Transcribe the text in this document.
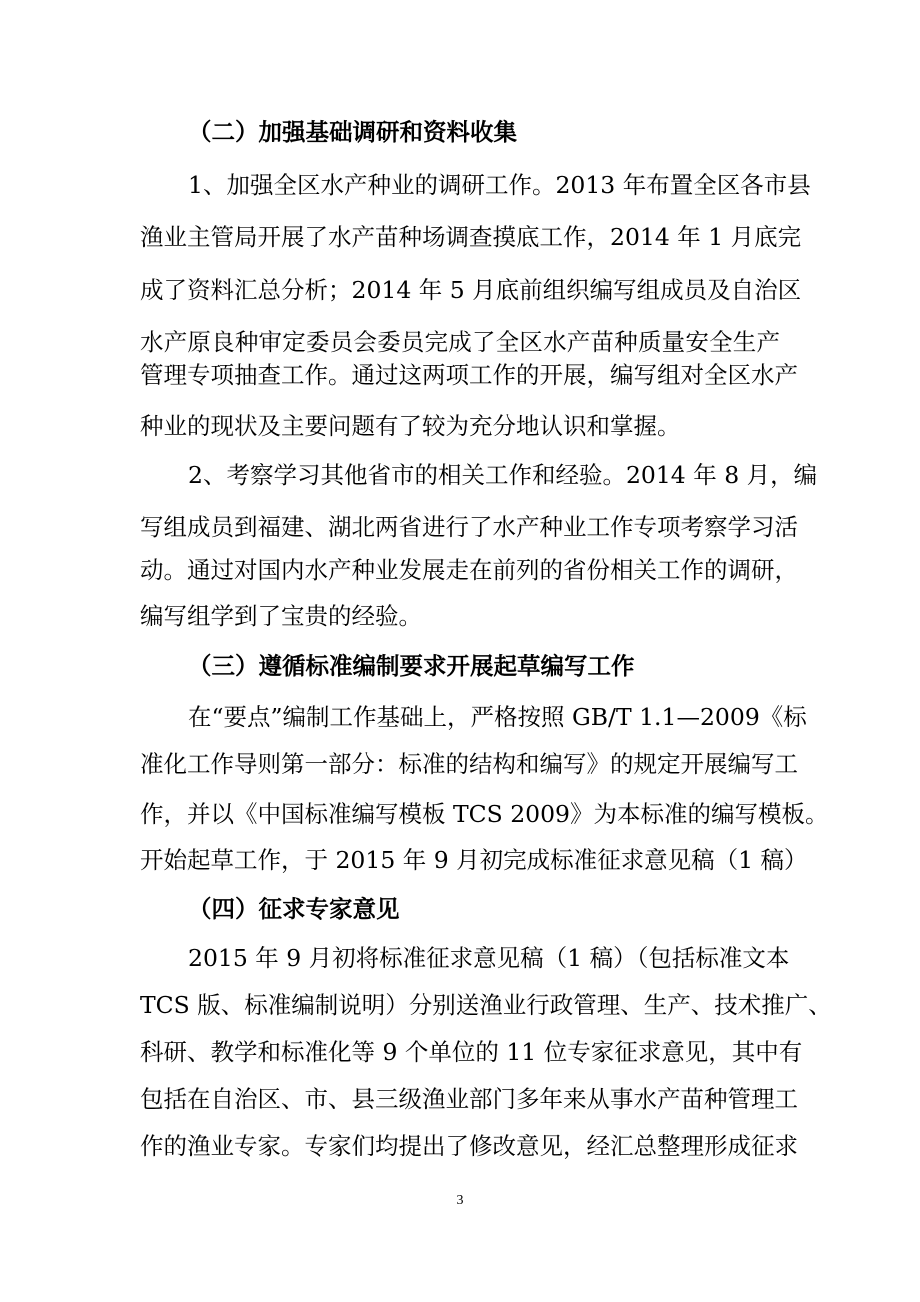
（二）加强基础调研和资料收集
1、加强全区水产种业的调研工作。2013 年布置全区各市县
渔业主管局开展了水产苗种场调查摸底工作，2014 年 1 月底完
成了资料汇总分析；2014 年 5 月底前组织编写组成员及自治区
水产原良种审定委员会委员完成了全区水产苗种质量安全生产
管理专项抽查工作。通过这两项工作的开展，编写组对全区水产
种业的现状及主要问题有了较为充分地认识和掌握。
2、考察学习其他省市的相关工作和经验。2014 年 8 月，编
写组成员到福建、湖北两省进行了水产种业工作专项考察学习活
动。通过对国内水产种业发展走在前列的省份相关工作的调研，
编写组学到了宝贵的经验。
（三）遵循标准编制要求开展起草编写工作
在“要点”编制工作基础上，严格按照 GB/T 1.1—2009《标
准化工作导则第一部分：标准的结构和编写》的规定开展编写工
作，并以《中国标准编写模板 TCS 2009》为本标准的编写模板。
开始起草工作，于 2015 年 9 月初完成标准征求意见稿（1 稿）
（四）征求专家意见
2015 年 9 月初将标准征求意见稿（1 稿）（包括标准文本
TCS 版、标准编制说明）分别送渔业行政管理、生产、技术推广、
科研、教学和标准化等 9 个单位的 11 位专家征求意见，其中有
包括在自治区、市、县三级渔业部门多年来从事水产苗种管理工
作的渔业专家。专家们均提出了修改意见，经汇总整理形成征求
3
